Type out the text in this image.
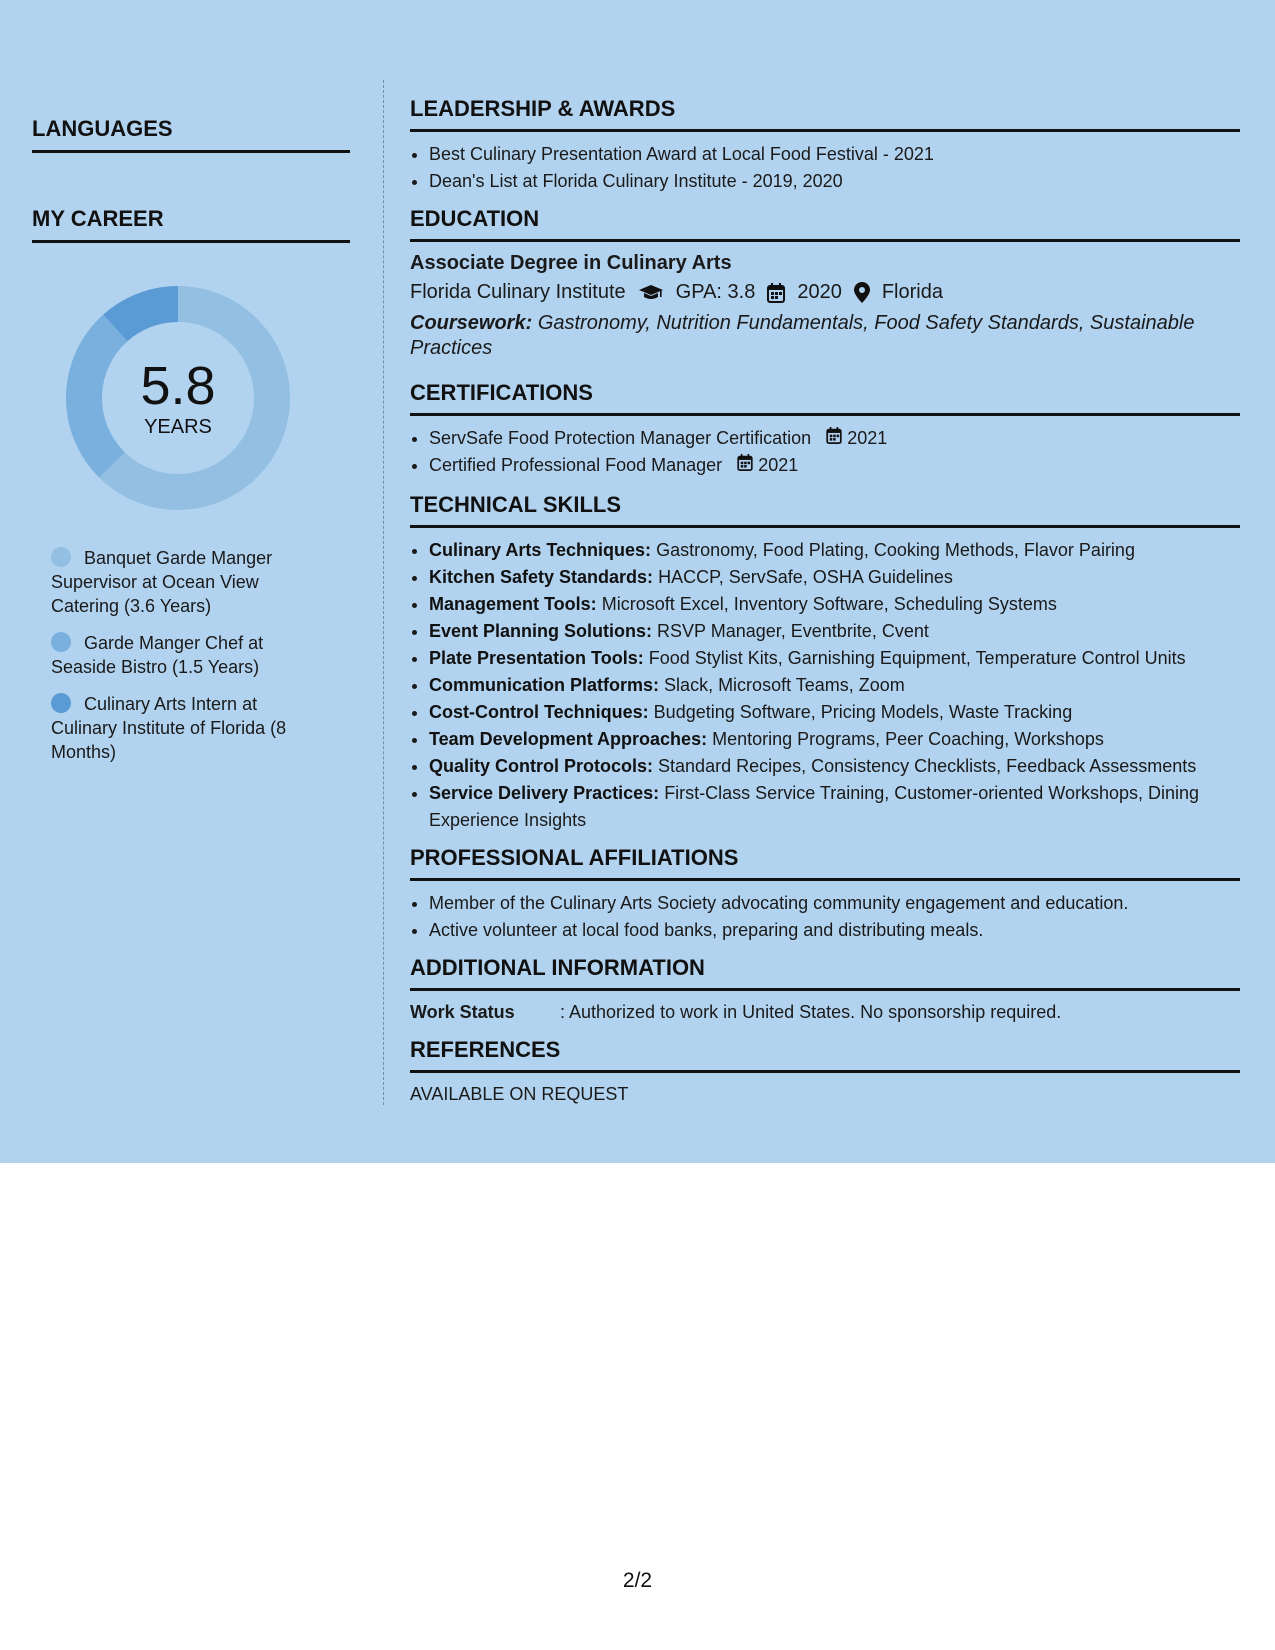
LANGUAGES
MY CAREER
5.8
YEARS
Banquet Garde Manger Supervisor at Ocean View Catering (3.6 Years)
Garde Manger Chef at Seaside Bistro (1.5 Years)
Culinary Arts Intern at Culinary Institute of Florida (8 Months)
LEADERSHIP & AWARDS
• Best Culinary Presentation Award at Local Food Festival - 2021
• Dean's List at Florida Culinary Institute - 2019, 2020
EDUCATION
Associate Degree in Culinary Arts
Florida Culinary Institute	GPA: 3.8 2020 Florida
Coursework: Gastronomy, Nutrition Fundamentals, Food Safety Standards, Sustainable Practices
CERTIFICATIONS
• ServSafe Food Protection Manager Certification 2021
• Certified Professional Food Manager 2021
TECHNICAL SKILLS
• Culinary Arts Techniques: Gastronomy, Food Plating, Cooking Methods, Flavor Pairing
• Kitchen Safety Standards: HACCP, ServSafe, OSHA Guidelines
• Management Tools: Microsoft Excel, Inventory Software, Scheduling Systems
• Event Planning Solutions: RSVP Manager, Eventbrite, Cvent
• Plate Presentation Tools: Food Stylist Kits, Garnishing Equipment, Temperature Control Units
• Communication Platforms: Slack, Microsoft Teams, Zoom
• Cost-Control Techniques: Budgeting Software, Pricing Models, Waste Tracking
• Team Development Approaches: Mentoring Programs, Peer Coaching, Workshops
• Quality Control Protocols: Standard Recipes, Consistency Checklists, Feedback Assessments
• Service Delivery Practices: First-Class Service Training, Customer-oriented Workshops, Dining Experience Insights
PROFESSIONAL AFFILIATIONS
• Member of the Culinary Arts Society advocating community engagement and education.
• Active volunteer at local food banks, preparing and distributing meals.
ADDITIONAL INFORMATION
Work Status	: Authorized to work in United States. No sponsorship required.
REFERENCES
AVAILABLE ON REQUEST
2/2
